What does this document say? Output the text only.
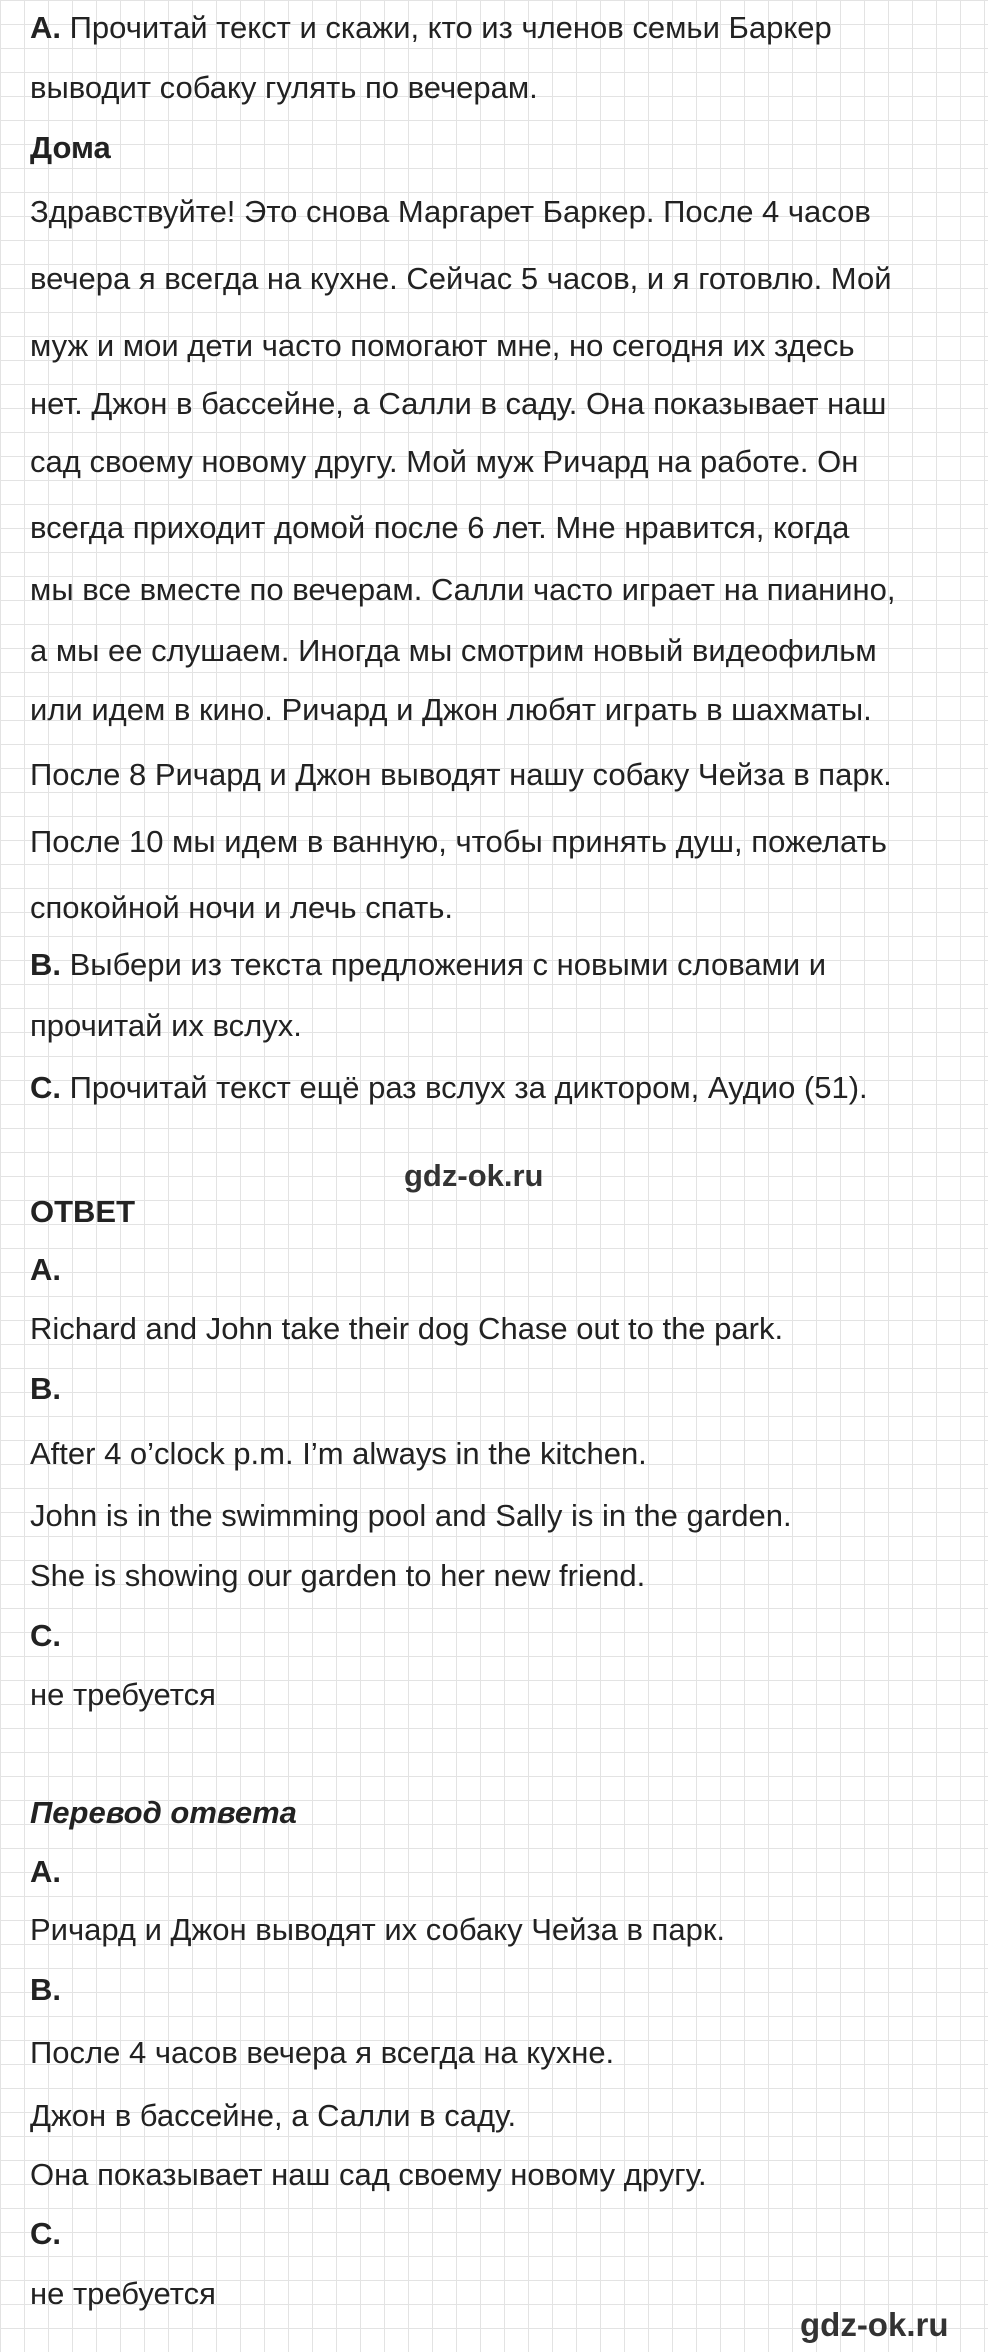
А. Прочитай текст и скажи, кто из членов семьи Баркер
выводит собаку гулять по вечерам.
Дома
Здравствуйте! Это снова Маргарет Баркер. После 4 часов
вечера я всегда на кухне. Сейчас 5 часов, и я готовлю. Мой
муж и мои дети часто помогают мне, но сегодня их здесь
нет. Джон в бассейне, а Салли в саду. Она показывает наш
сад своему новому другу. Мой муж Ричард на работе. Он
всегда приходит домой после 6 лет. Мне нравится, когда
мы все вместе по вечерам. Салли часто играет на пианино,
а мы ее слушаем. Иногда мы смотрим новый видеофильм
или идем в кино. Ричард и Джон любят играть в шахматы.
После 8 Ричард и Джон выводят нашу собаку Чейза в парк.
После 10 мы идем в ванную, чтобы принять душ, пожелать
спокойной ночи и лечь спать.
B. Выбери из текста предложения с новыми словами и
прочитай их вслух.
C. Прочитай текст ещё раз вслух за диктором, Аудио (51).
gdz-ok.ru
ОТВЕТ
A.
Richard and John take their dog Chase out to the park.
B.
After 4 o’clock p.m. I’m always in the kitchen.
John is in the swimming pool and Sally is in the garden.
She is showing our garden to her new friend.
C.
не требуется
Перевод ответа
А.
Ричард и Джон выводят их собаку Чейза в парк.
В.
После 4 часов вечера я всегда на кухне.
Джон в бассейне, а Салли в саду.
Она показывает наш сад своему новому другу.
С.
не требуется
gdz-ok.ru
